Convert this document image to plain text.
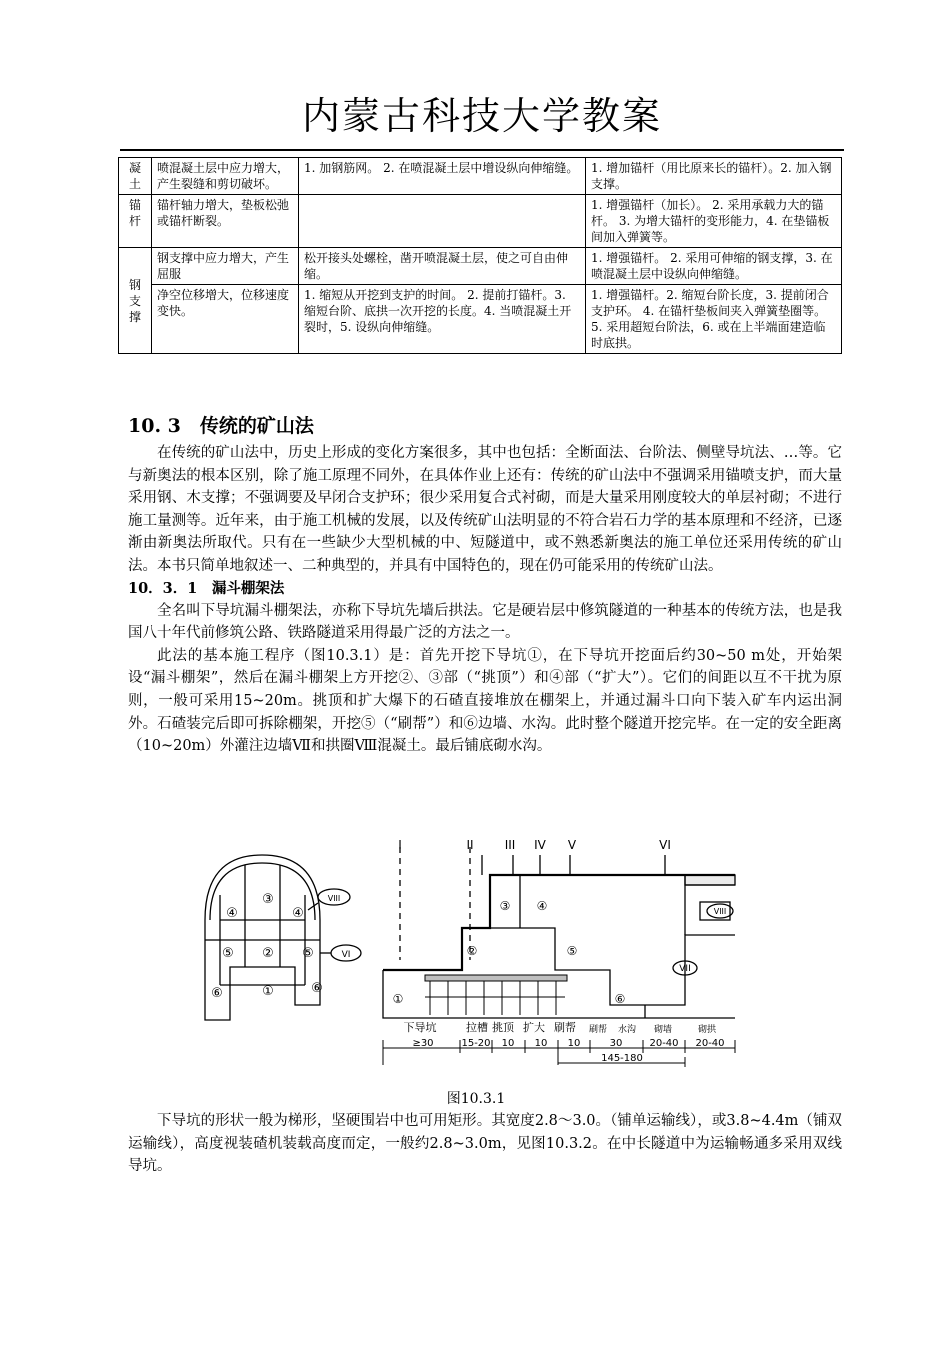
内蒙古科技大学教案
凝
土	喷混凝土层中应力增大，产生裂缝和剪切破坏。	1. 加钢筋网。 2. 在喷混凝土层中增设纵向伸缩缝。	1. 增加锚杆（用比原来长的锚杆）。2. 加入钢支撑。
锚
杆	锚杆轴力增大，垫板松弛或锚杆断裂。		1. 增强锚杆（加长）。 2. 采用承载力大的锚杆。 3. 为增大锚杆的变形能力，4. 在垫锚板间加入弹簧等。
钢
支
撑	钢支撑中应力增大，产生屈服	松开接头处螺栓，凿开喷混凝土层，使之可自由伸缩。	1. 增强锚杆。 2. 采用可伸缩的钢支撑，3. 在喷混凝土层中设纵向伸缩缝。
	净空位移增大，位移速度变快。	1. 缩短从开挖到支护的时间。 2. 提前打锚杆。3. 缩短台阶、底拱一次开挖的长度。4. 当喷混凝土开裂时，5. 设纵向伸缩缝。	1. 增强锚杆。2. 缩短台阶长度，3. 提前闭合支护环。 4. 在锚杆垫板间夹入弹簧垫圈等。 5. 采用超短台阶法，6. 或在上半端面建造临时底拱。
10. 3　传统的矿山法

在传统的矿山法中，历史上形成的变化方案很多，其中也包括：全断面法、台阶法、侧壁导坑法、…等。它与新奥法的根本区别，除了施工原理不同外，在具体作业上还有：传统的矿山法中不强调采用锚喷支护，而大量采用钢、木支撑；不强调要及早闭合支护环；很少采用复合式衬砌，而是大量采用刚度较大的单层衬砌；不进行施工量测等。近年来，由于施工机械的发展，以及传统矿山法明显的不符合岩石力学的基本原理和不经济，已逐渐由新奥法所取代。只有在一些缺少大型机械的中、短隧道中，或不熟悉新奥法的施工单位还采用传统的矿山法。本书只简单地叙述一、二种典型的，并具有中国特色的，现在仍可能采用的传统矿山法。

10．3．1　漏斗棚架法

全名叫下导坑漏斗棚架法，亦称下导坑先墙后拱法。它是硬岩层中修筑隧道的一种基本的传统方法，也是我国八十年代前修筑公路、铁路隧道采用得最广泛的方法之一。

此法的基本施工程序（图10.3.1）是：首先开挖下导坑①，在下导坑开挖面后约30~50 m处，开始架设“漏斗棚架”，然后在漏斗棚架上方开挖②、③部（“挑顶”）和④部（“扩大”）。它们的间距以互不干扰为原则，一般可采用15~20m。挑顶和扩大爆下的石碴直接堆放在棚架上，并通过漏斗口向下装入矿车内运出洞外。石碴装完后即可拆除棚架，开挖⑤（“刷帮”）和⑥边墙、水沟。此时整个隧道开挖完毕。在一定的安全距离（10~20m）外灌注边墙Ⅶ和拱圈Ⅷ混凝土。最后铺底砌水沟。

③
④	④
⑤ ② ⑤
①
⑥	⑥
VIII
VI
I	II	III IV V	VI
③ ④
②	⑤
①	⑥
VIII
VII
下导坑	拉槽 挑顶 扩大 刷帮 刷帮 水沟 砌墙	砌拱
≥30	15-20 10 10 10	30	20-40 20-40
145-180
图10.3.1

下导坑的形状一般为梯形，坚硬围岩中也可用矩形。其宽度2.8～3.0。（铺单运输线），或3.8~4.4m（铺双运输线），高度视装碴机装载高度而定，一般约2.8~3.0m，见图10.3.2。在中长隧道中为运输畅通多采用双线导坑。
